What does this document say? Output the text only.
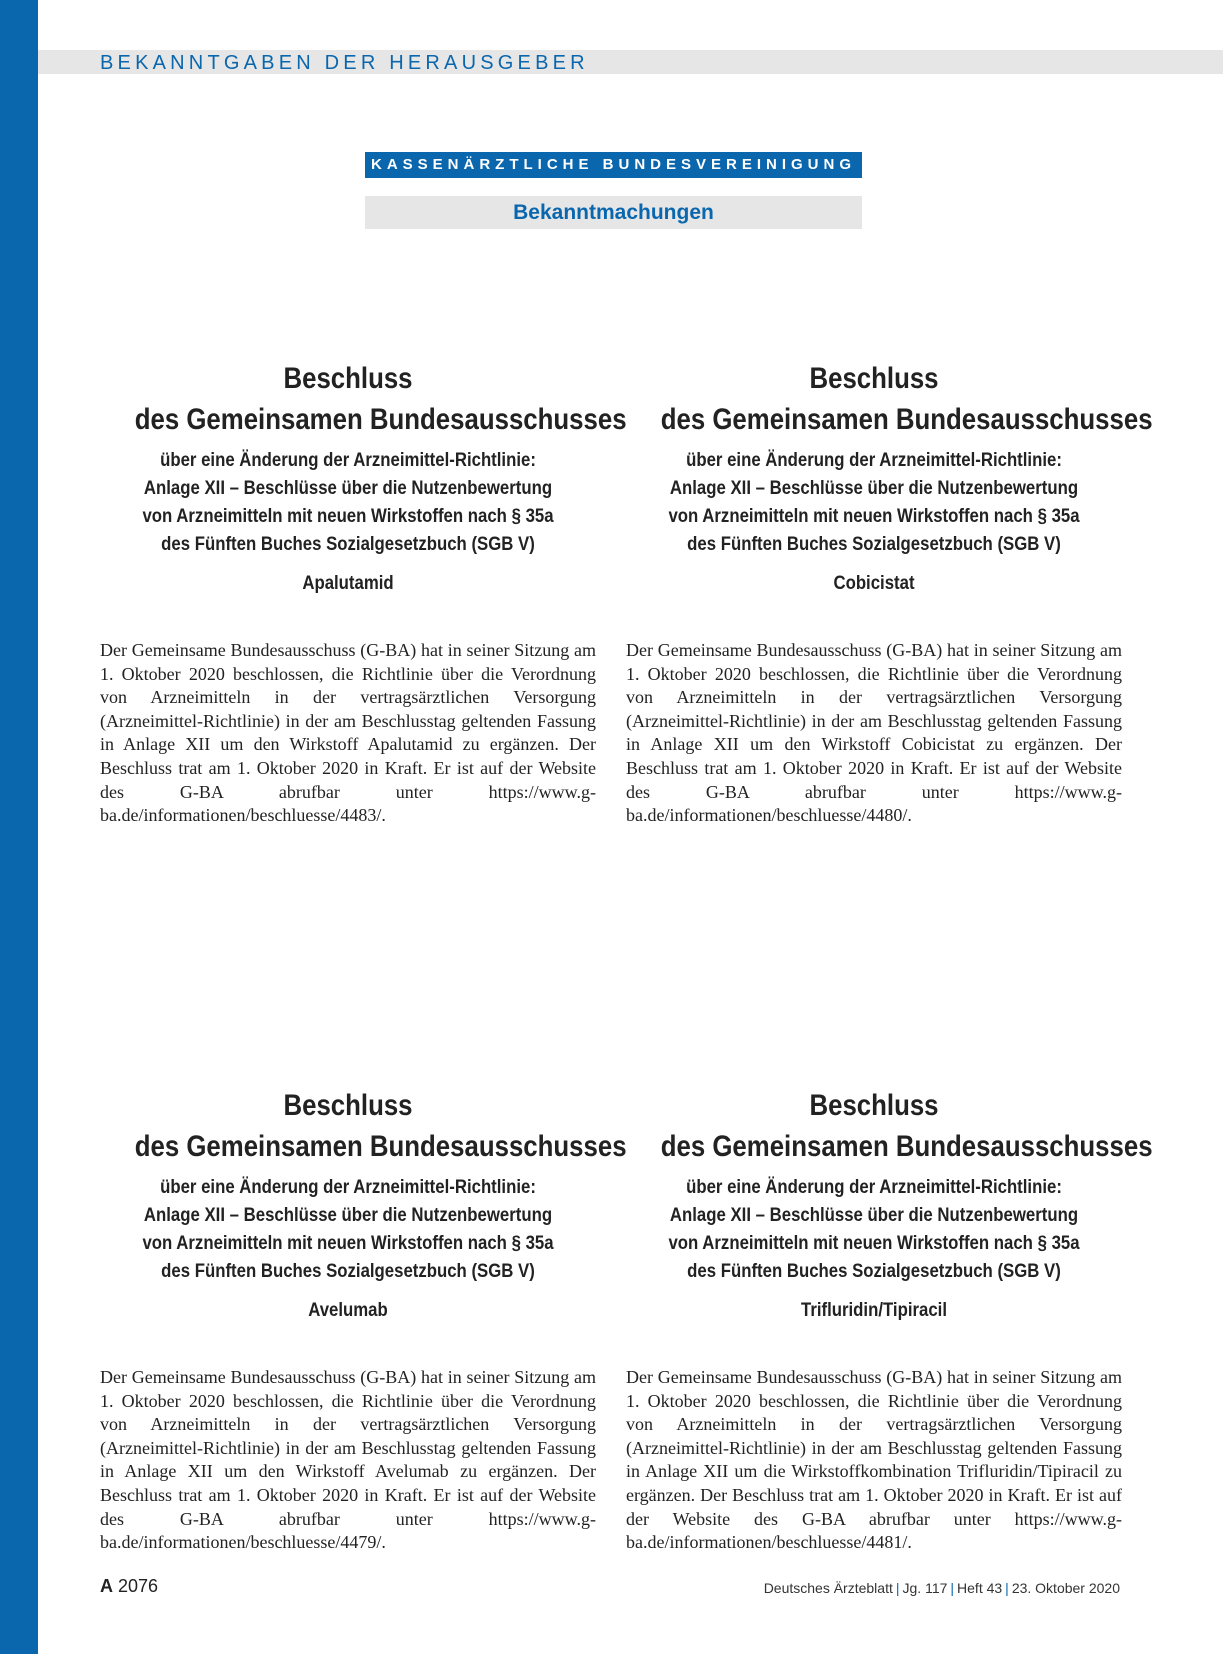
BEKANNTGABEN DER HERAUSGEBER
KASSENÄRZTLICHE BUNDESVEREINIGUNG
Bekanntmachungen
Beschluss
des Gemeinsamen Bundesausschusses
über eine Änderung der Arzneimittel-Richtlinie:
Anlage XII – Beschlüsse über die Nutzenbewertung
von Arzneimitteln mit neuen Wirkstoffen nach § 35a
des Fünften Buches Sozialgesetzbuch (SGB V)
Apalutamid
Der Gemeinsame Bundesausschuss (G-BA) hat in seiner Sitzung am 1. Oktober 2020 beschlossen, die Richtlinie über die Verordnung von Arzneimitteln in der vertragsärztlichen Versorgung (Arzneimittel-Richtlinie) in der am Beschlusstag geltenden Fassung in Anlage XII um den Wirkstoff Apalutamid zu ergänzen. Der Beschluss trat am 1. Oktober 2020 in Kraft. Er ist auf der Website des G-BA abrufbar unter https://www.g-ba.de/informationen/beschluesse/4483/.
Beschluss
des Gemeinsamen Bundesausschusses
über eine Änderung der Arzneimittel-Richtlinie:
Anlage XII – Beschlüsse über die Nutzenbewertung
von Arzneimitteln mit neuen Wirkstoffen nach § 35a
des Fünften Buches Sozialgesetzbuch (SGB V)
Cobicistat
Der Gemeinsame Bundesausschuss (G-BA) hat in seiner Sitzung am 1. Oktober 2020 beschlossen, die Richtlinie über die Verordnung von Arzneimitteln in der vertragsärztlichen Versorgung (Arzneimittel-Richtlinie) in der am Beschlusstag geltenden Fassung in Anlage XII um den Wirkstoff Cobicistat zu ergänzen. Der Beschluss trat am 1. Oktober 2020 in Kraft. Er ist auf der Website des G-BA abrufbar unter https://www.g-ba.de/informationen/beschluesse/4480/.
Beschluss
des Gemeinsamen Bundesausschusses
über eine Änderung der Arzneimittel-Richtlinie:
Anlage XII – Beschlüsse über die Nutzenbewertung
von Arzneimitteln mit neuen Wirkstoffen nach § 35a
des Fünften Buches Sozialgesetzbuch (SGB V)
Avelumab
Der Gemeinsame Bundesausschuss (G-BA) hat in seiner Sitzung am 1. Oktober 2020 beschlossen, die Richtlinie über die Verordnung von Arzneimitteln in der vertragsärztlichen Versorgung (Arzneimittel-Richtlinie) in der am Beschlusstag geltenden Fassung in Anlage XII um den Wirkstoff Avelumab zu ergänzen. Der Beschluss trat am 1. Oktober 2020 in Kraft. Er ist auf der Website des G-BA abrufbar unter https://www.g-ba.de/informationen/beschluesse/4479/.
Beschluss
des Gemeinsamen Bundesausschusses
über eine Änderung der Arzneimittel-Richtlinie:
Anlage XII – Beschlüsse über die Nutzenbewertung
von Arzneimitteln mit neuen Wirkstoffen nach § 35a
des Fünften Buches Sozialgesetzbuch (SGB V)
Trifluridin/Tipiracil
Der Gemeinsame Bundesausschuss (G-BA) hat in seiner Sitzung am 1. Oktober 2020 beschlossen, die Richtlinie über die Verordnung von Arzneimitteln in der vertragsärztlichen Versorgung (Arzneimittel-Richtlinie) in der am Beschlusstag geltenden Fassung in Anlage XII um die Wirkstoffkombination Trifluridin/Tipiracil zu ergänzen. Der Beschluss trat am 1. Oktober 2020 in Kraft. Er ist auf der Website des G-BA abrufbar unter https://www.g-ba.de/informationen/beschluesse/4481/.
A 2076	Deutsches Ärzteblatt | Jg. 117 | Heft 43 | 23. Oktober 2020
